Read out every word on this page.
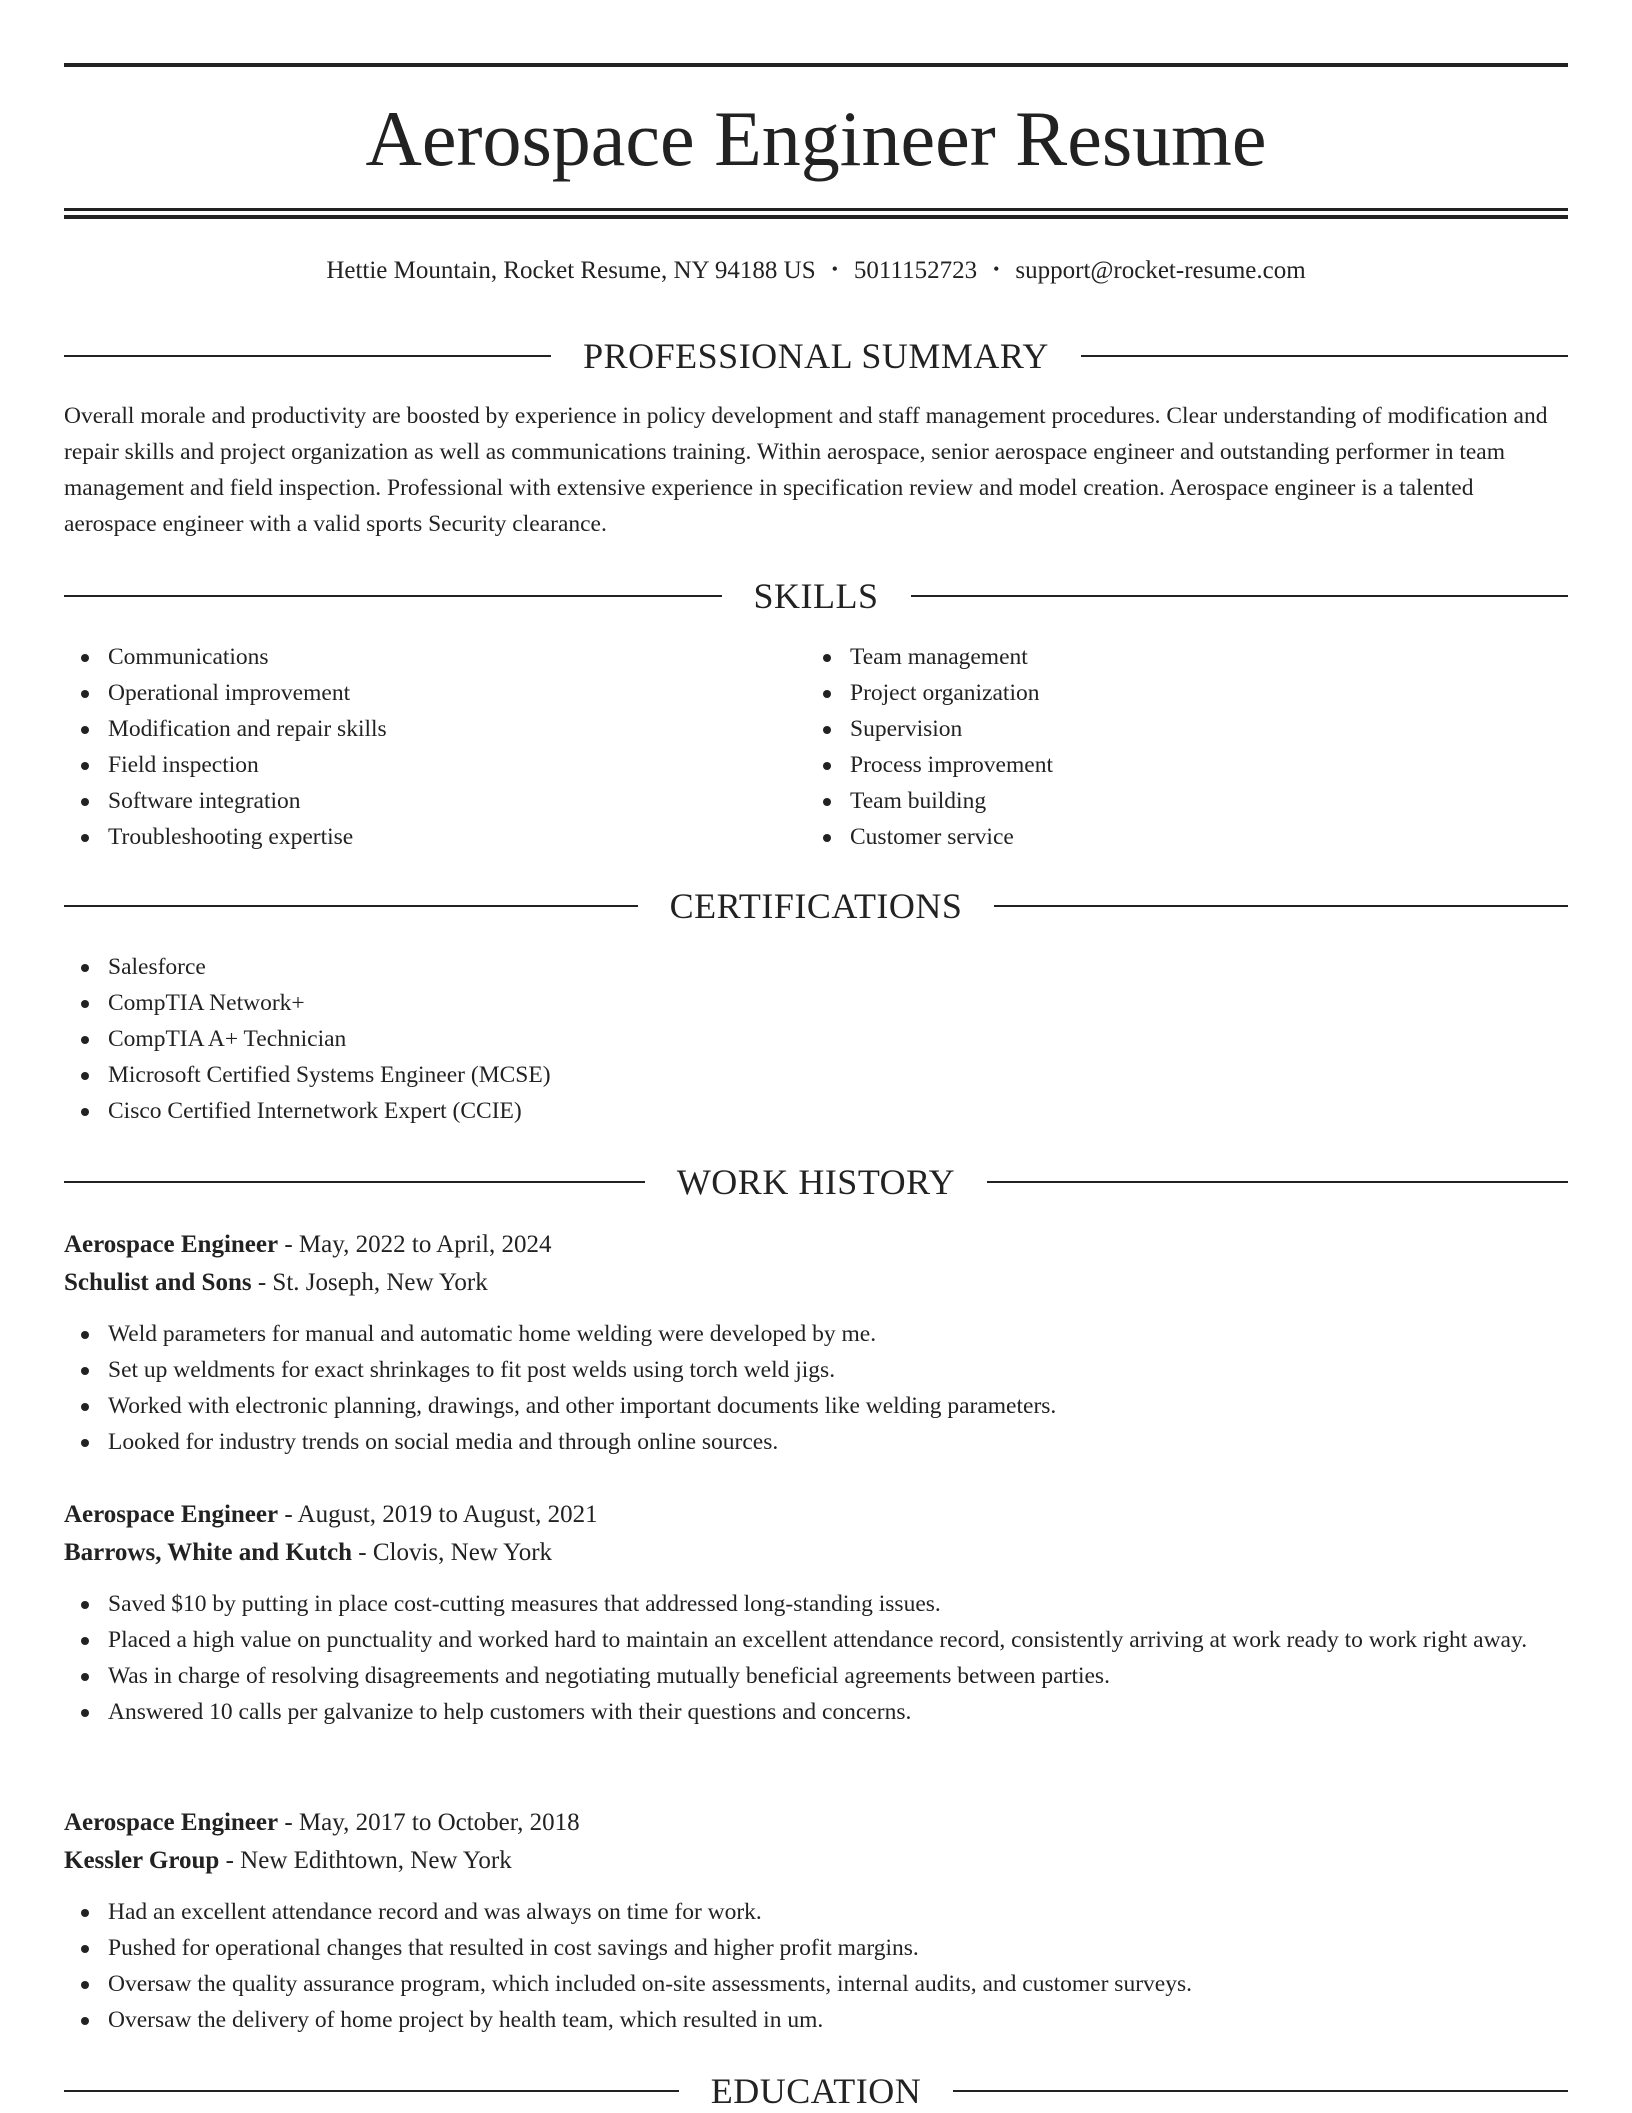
Aerospace Engineer Resume
Hettie Mountain, Rocket Resume, NY 94188 US • 5011152723 • support@rocket-resume.com
PROFESSIONAL SUMMARY

Overall morale and productivity are boosted by experience in policy development and staff management procedures. Clear understanding of modification and repair skills and project organization as well as communications training. Within aerospace, senior aerospace engineer and outstanding performer in team management and field inspection. Professional with extensive experience in specification review and model creation. Aerospace engineer is a talented aerospace engineer with a valid sports Security clearance.

SKILLS
Communications
Operational improvement
Modification and repair skills
Field inspection
Software integration
Troubleshooting expertise
Team management
Project organization
Supervision
Process improvement
Team building
Customer service
CERTIFICATIONS
Salesforce
CompTIA Network+
CompTIA A+ Technician
Microsoft Certified Systems Engineer (MCSE)
Cisco Certified Internetwork Expert (CCIE)
WORK HISTORY
Aerospace Engineer - May, 2022 to April, 2024
Schulist and Sons - St. Joseph, New York
Weld parameters for manual and automatic home welding were developed by me.
Set up weldments for exact shrinkages to fit post welds using torch weld jigs.
Worked with electronic planning, drawings, and other important documents like welding parameters.
Looked for industry trends on social media and through online sources.
Aerospace Engineer - August, 2019 to August, 2021
Barrows, White and Kutch - Clovis, New York
Saved $10 by putting in place cost-cutting measures that addressed long-standing issues.
Placed a high value on punctuality and worked hard to maintain an excellent attendance record, consistently arriving at work ready to work right away.
Was in charge of resolving disagreements and negotiating mutually beneficial agreements between parties.
Answered 10 calls per galvanize to help customers with their questions and concerns.
Aerospace Engineer - May, 2017 to October, 2018
Kessler Group - New Edithtown, New York
Had an excellent attendance record and was always on time for work.
Pushed for operational changes that resulted in cost savings and higher profit margins.
Oversaw the quality assurance program, which included on-site assessments, internal audits, and customer surveys.
Oversaw the delivery of home project by health team, which resulted in um.
EDUCATION
